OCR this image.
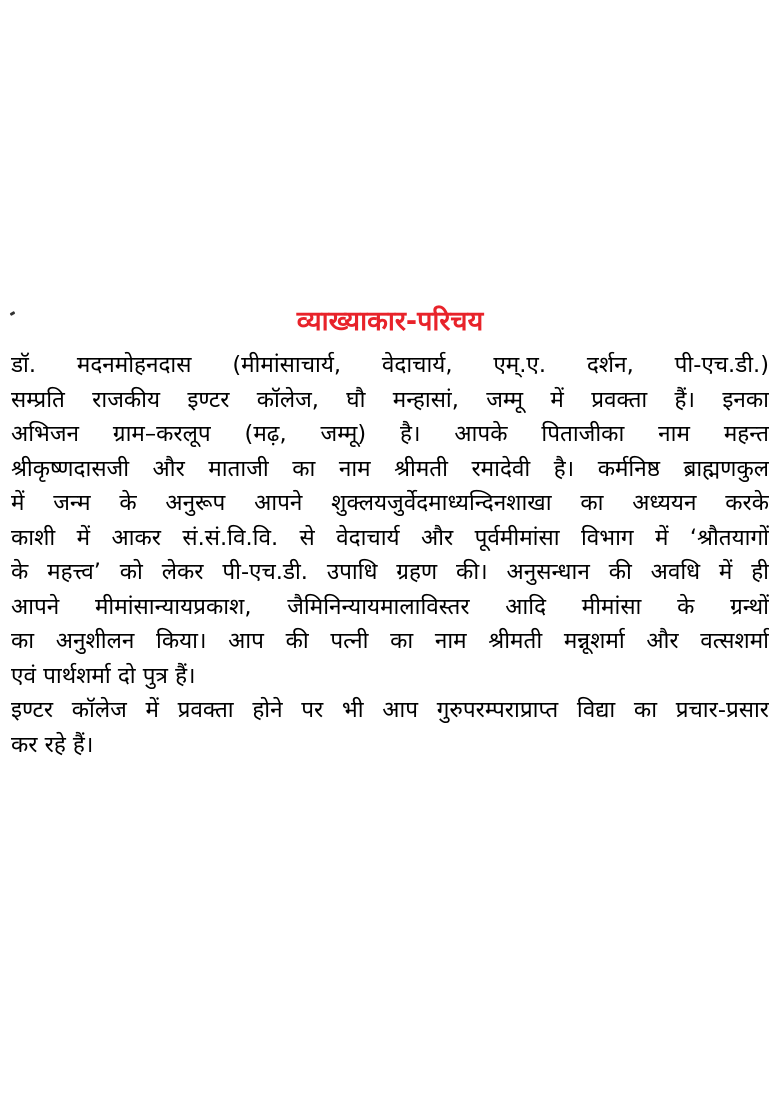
व्याख्याकार-परिचय

डॉ. मदनमोहनदास (मीमांसाचार्य, वेदाचार्य, एम्.ए. दर्शन, पी-एच.डी.)

सम्प्रति राजकीय इण्टर कॉलेज, घौ मन्हासां, जम्मू में प्रवक्ता हैं। इनका

अभिजन ग्राम–करलूप (मढ़, जम्मू) है। आपके पिताजीका नाम महन्त

श्रीकृष्णदासजी और माताजी का नाम श्रीमती रमादेवी है। कर्मनिष्ठ ब्राह्मणकुल

में जन्म के अनुरूप आपने शुक्लयजुर्वेदमाध्यन्दिनशाखा का अध्ययन करके

काशी में आकर सं.सं.वि.वि. से वेदाचार्य और पूर्वमीमांसा विभाग में ‘श्रौतयागों

के महत्त्व’ को लेकर पी-एच.डी. उपाधि ग्रहण की। अनुसन्धान की अवधि में ही

आपने मीमांसान्यायप्रकाश, जैमिनिन्यायमालाविस्तर आदि मीमांसा के ग्रन्थों

का अनुशीलन किया। आप की पत्नी का नाम श्रीमती मन्नूशर्मा और वत्सशर्मा

एवं पार्थशर्मा दो पुत्र हैं।

इण्टर कॉलेज में प्रवक्ता होने पर भी आप गुरुपरम्पराप्राप्त विद्या का प्रचार-प्रसार

कर रहे हैं।
